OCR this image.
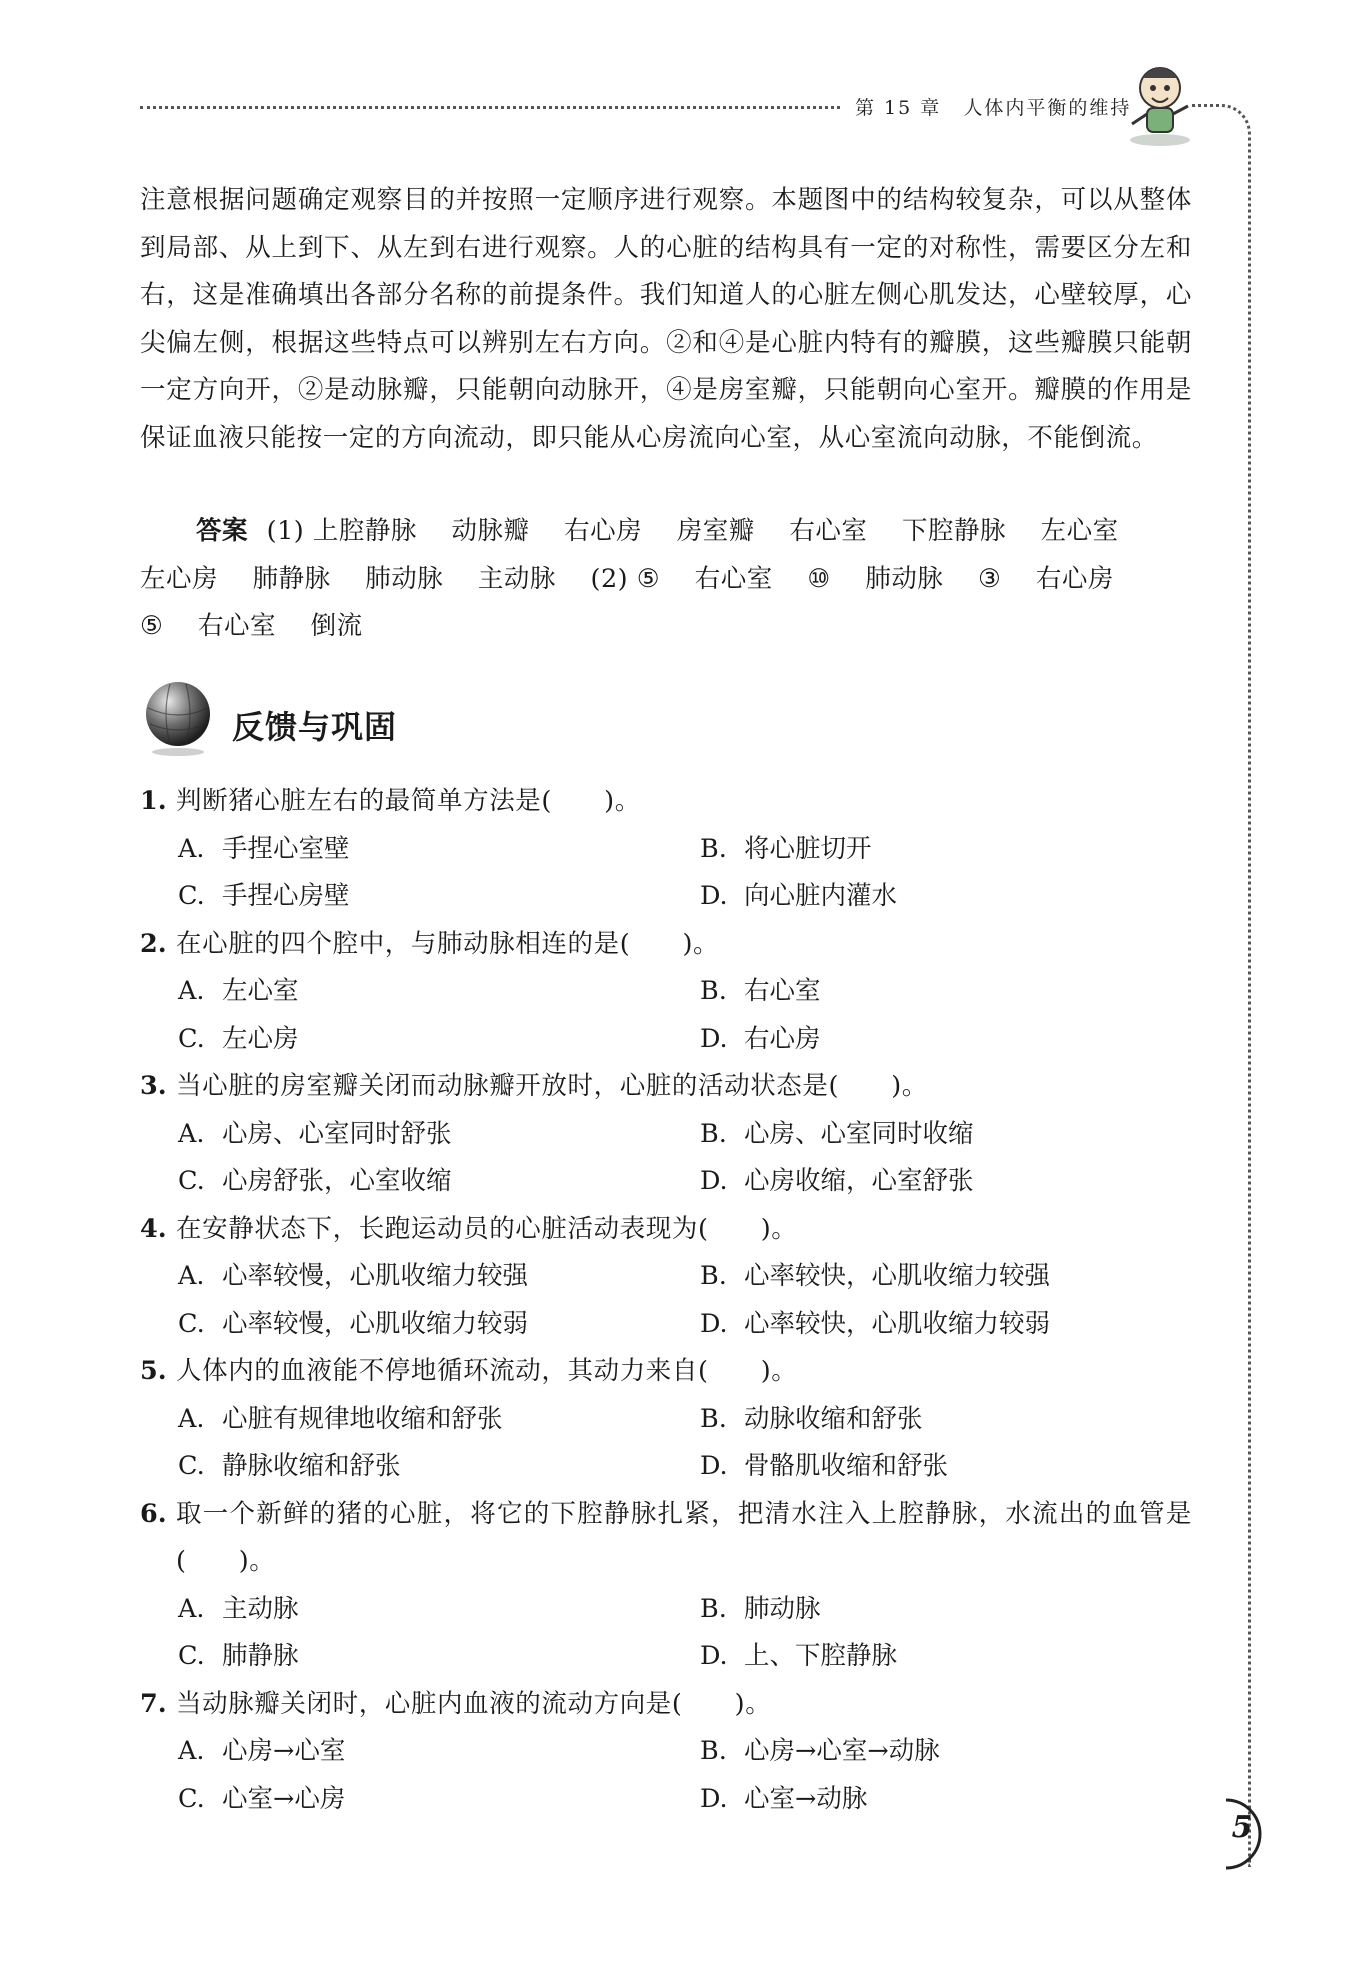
第 15 章 人体内平衡的维持
注意根据问题确定观察目的并按照一定顺序进行观察。本题图中的结构较复杂，可以从整体到局部、从上到下、从左到右进行观察。人的心脏的结构具有一定的对称性，需要区分左和右，这是准确填出各部分名称的前提条件。我们知道人的心脏左侧心肌发达，心壁较厚，心尖偏左侧，根据这些特点可以辨别左右方向。②和④是心脏内特有的瓣膜，这些瓣膜只能朝一定方向开，②是动脉瓣，只能朝向动脉开，④是房室瓣，只能朝向心室开。瓣膜的作用是保证血液只能按一定的方向流动，即只能从心房流向心室，从心室流向动脉，不能倒流。
答案 (1) 上腔静脉 动脉瓣 右心房 房室瓣 右心室 下腔静脉 左心室 左心房 肺静脉 肺动脉 主动脉 (2) ⑤ 右心室 ⑩ 肺动脉 ③ 右心房 ⑤ 右心室 倒流
反馈与巩固
1. 判断猪心脏左右的最简单方法是(　　)。
A. 手捏心室壁	B. 将心脏切开
C. 手捏心房壁	D. 向心脏内灌水
2. 在心脏的四个腔中，与肺动脉相连的是(　　)。
A. 左心室	B. 右心室
C. 左心房	D. 右心房
3. 当心脏的房室瓣关闭而动脉瓣开放时，心脏的活动状态是(　　)。
A. 心房、心室同时舒张	B. 心房、心室同时收缩
C. 心房舒张，心室收缩	D. 心房收缩，心室舒张
4. 在安静状态下，长跑运动员的心脏活动表现为(　　)。
A. 心率较慢，心肌收缩力较强	B. 心率较快，心肌收缩力较强
C. 心率较慢，心肌收缩力较弱	D. 心率较快，心肌收缩力较弱
5. 人体内的血液能不停地循环流动，其动力来自(　　)。
A. 心脏有规律地收缩和舒张	B. 动脉收缩和舒张
C. 静脉收缩和舒张	D. 骨骼肌收缩和舒张
6. 取一个新鲜的猪的心脏，将它的下腔静脉扎紧，把清水注入上腔静脉，水流出的血管是(　　)。
A. 主动脉	B. 肺动脉
C. 肺静脉	D. 上、下腔静脉
7. 当动脉瓣关闭时，心脏内血液的流动方向是(　　)。
A. 心房→心室	B. 心房→心室→动脉
C. 心室→心房	D. 心室→动脉
5
